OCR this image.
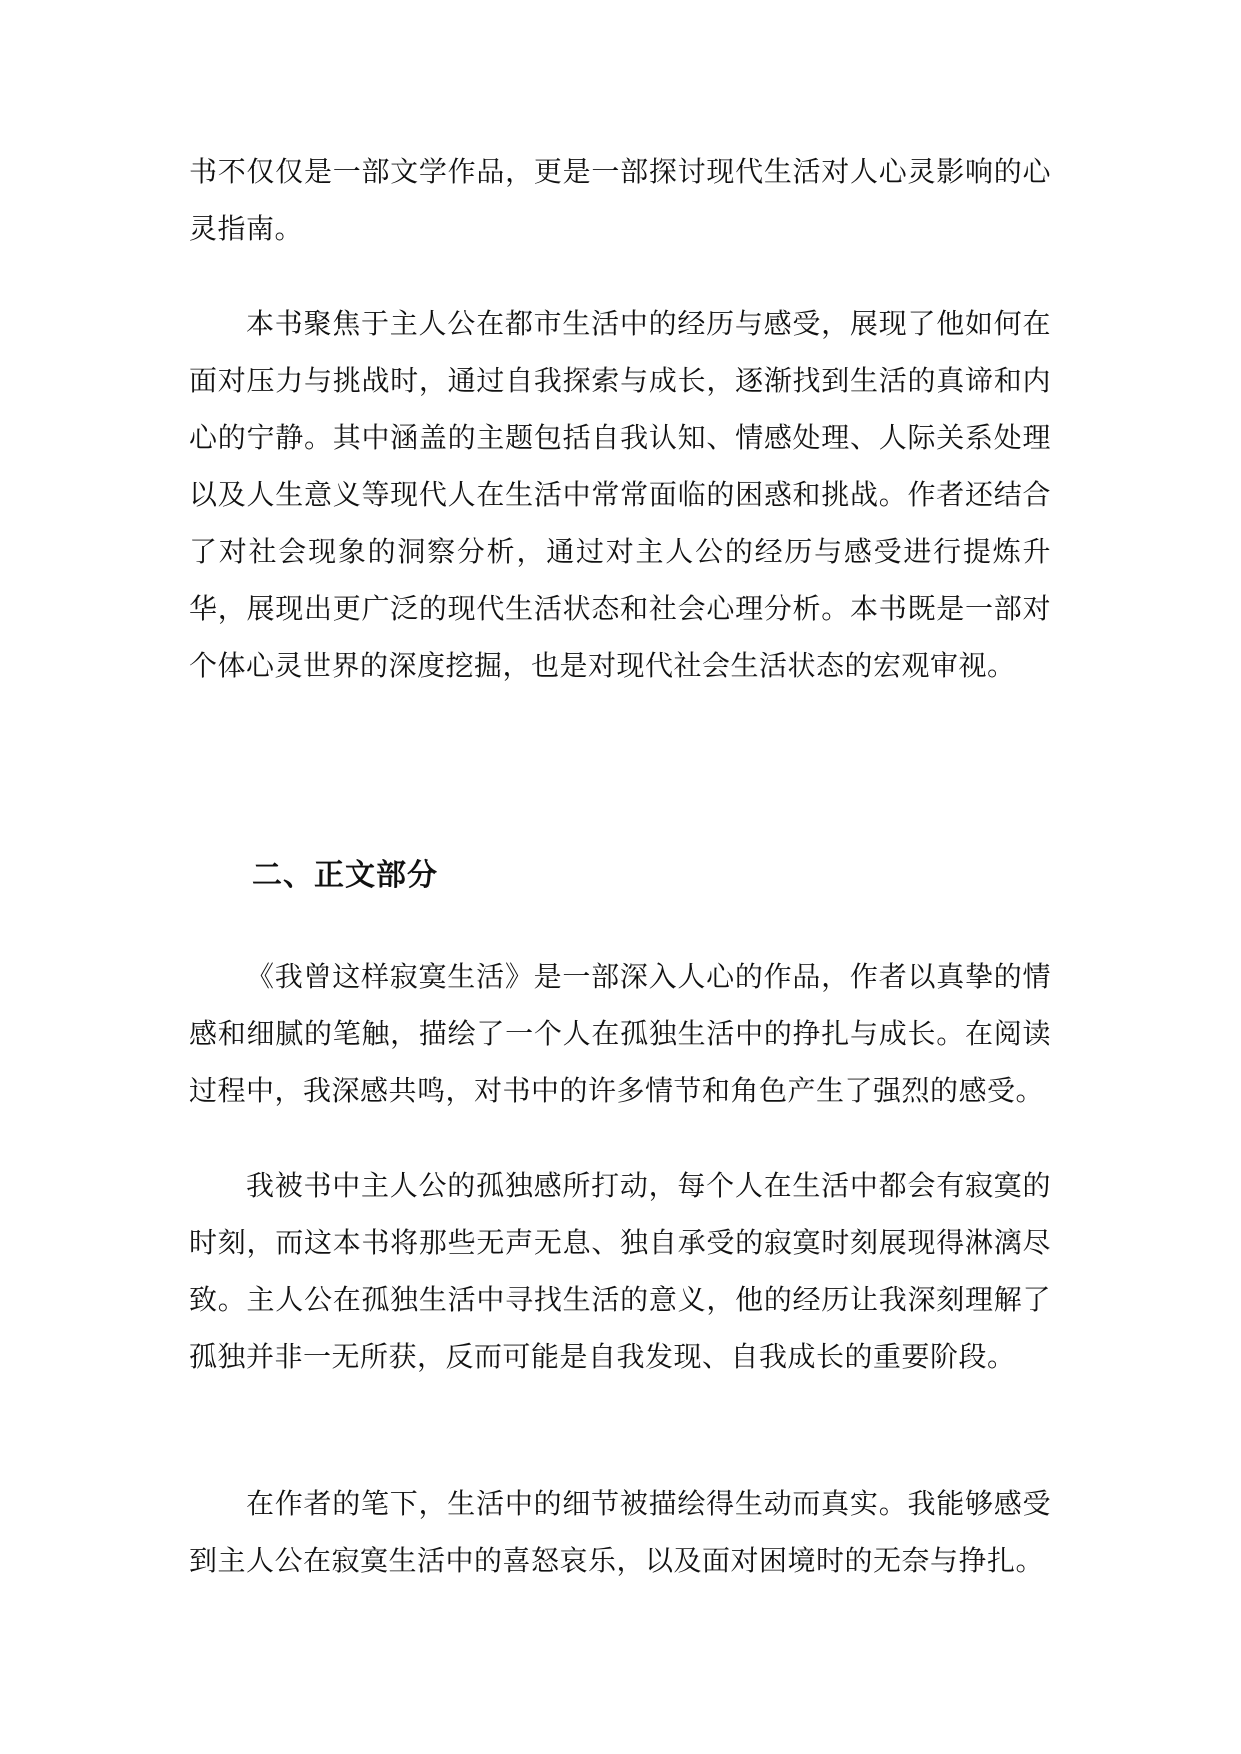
书不仅仅是一部文学作品，更是一部探讨现代生活对人心灵影响的心灵指南。

本书聚焦于主人公在都市生活中的经历与感受，展现了他如何在面对压力与挑战时，通过自我探索与成长，逐渐找到生活的真谛和内心的宁静。其中涵盖的主题包括自我认知、情感处理、人际关系处理以及人生意义等现代人在生活中常常面临的困惑和挑战。作者还结合了对社会现象的洞察分析，通过对主人公的经历与感受进行提炼升华，展现出更广泛的现代生活状态和社会心理分析。本书既是一部对个体心灵世界的深度挖掘，也是对现代社会生活状态的宏观审视。

二、正文部分

《我曾这样寂寞生活》是一部深入人心的作品，作者以真挚的情感和细腻的笔触，描绘了一个人在孤独生活中的挣扎与成长。在阅读过程中，我深感共鸣，对书中的许多情节和角色产生了强烈的感受。

我被书中主人公的孤独感所打动，每个人在生活中都会有寂寞的时刻，而这本书将那些无声无息、独自承受的寂寞时刻展现得淋漓尽致。主人公在孤独生活中寻找生活的意义，他的经历让我深刻理解了孤独并非一无所获，反而可能是自我发现、自我成长的重要阶段。

在作者的笔下，生活中的细节被描绘得生动而真实。我能够感受到主人公在寂寞生活中的喜怒哀乐，以及面对困境时的无奈与挣扎。
